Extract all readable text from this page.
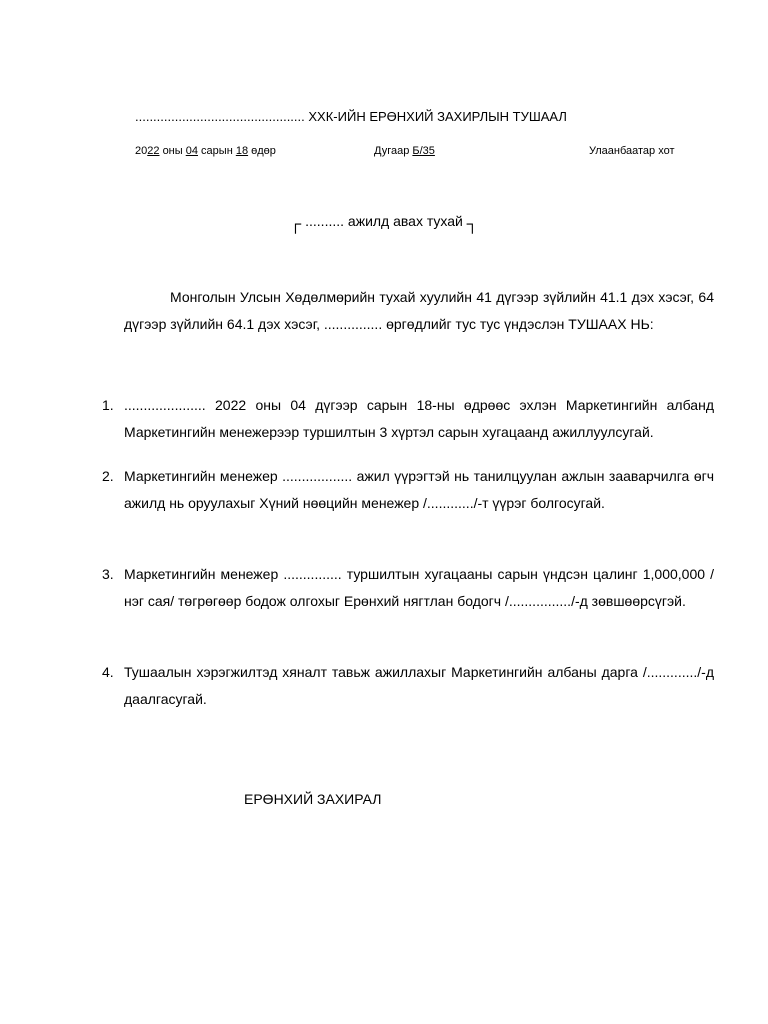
............................................... ХХК-ИЙН ЕРӨНХИЙ ЗАХИРЛЫН ТУШААЛ
2022 оны 04 сарын 18 өдөр	Дугаар Б/35	Улаанбаатар хот
┌ .......... ажилд авах тухай ┐
Монголын Улсын Хөдөлмөрийн тухай хуулийн 41 дүгээр зүйлийн 41.1 дэх хэсэг, 64 дүгээр зүйлийн 64.1 дэх хэсэг, ............... өргөдлийг тус тус үндэслэн ТУШААХ НЬ:
1. ..................... 2022 оны 04 дүгээр сарын 18-ны өдрөөс эхлэн Маркетингийн албанд Маркетингийн менежерээр туршилтын 3 хүртэл сарын хугацаанд ажиллуулсугай.
2. Маркетингийн менежер .................. ажил үүрэгтэй нь танилцуулан ажлын зааварчилга өгч ажилд нь оруулахыг Хүний нөөцийн менежер /............/-т үүрэг болгосугай.
3. Маркетингийн менежер ............... туршилтын хугацааны сарын үндсэн цалинг 1,000,000 /нэг сая/ төгрөгөөр бодож олгохыг Ерөнхий нягтлан бодогч /................/-д зөвшөөрсүгэй.
4. Тушаалын хэрэгжилтэд хяналт тавьж ажиллахыг Маркетингийн албаны дарга /............./-д даалгасугай.
ЕРӨНХИЙ ЗАХИРАЛ
